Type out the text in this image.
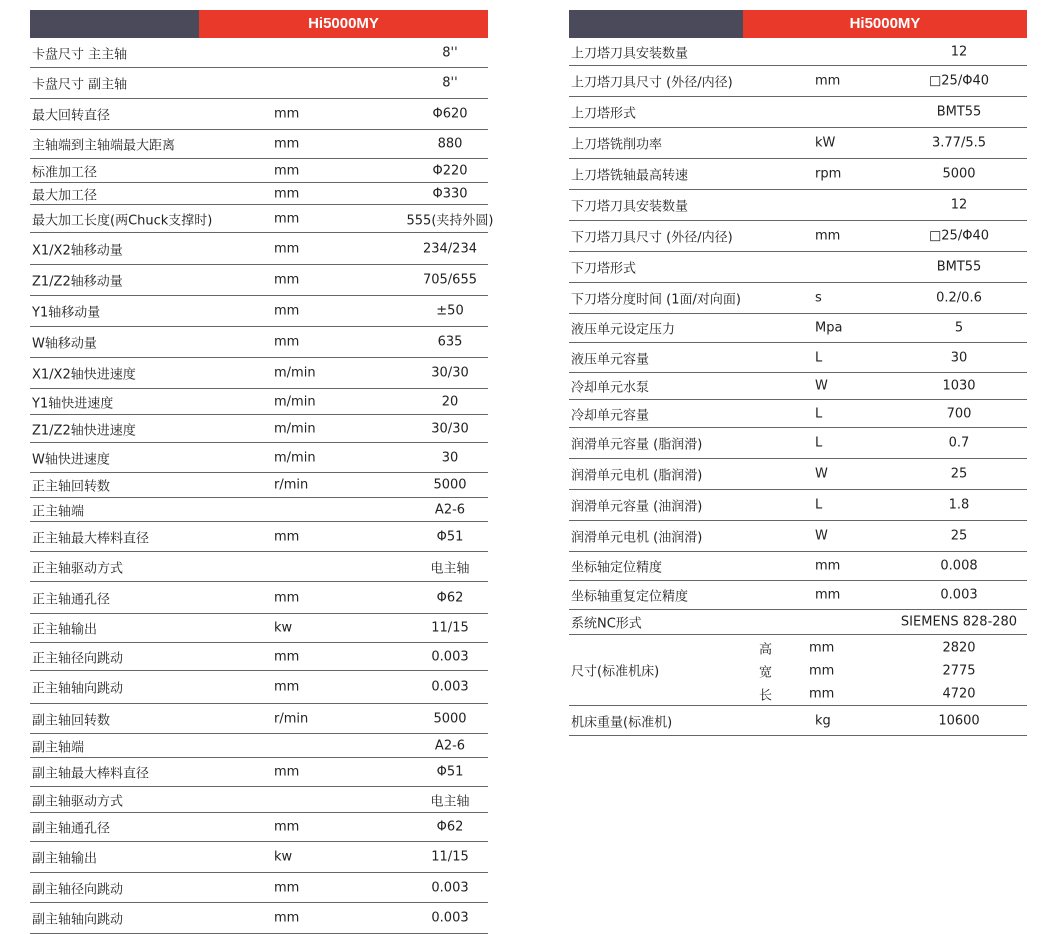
Hi5000MY
卡盘尺寸 主主轴	8''
卡盘尺寸 副主轴	8''
最大回转直径	mm	Φ620
主轴端到主轴端最大距离	mm	880
标准加工径	mm	Φ220
最大加工径	mm	Φ330
最大加工长度(两Chuck支撑时)	mm	555(夹持外圆)
X1/X2轴移动量	mm	234/234
Z1/Z2轴移动量	mm	705/655
Y1轴移动量	mm	±50
W轴移动量	mm	635
X1/X2轴快进速度	m/min	30/30
Y1轴快进速度	m/min	20
Z1/Z2轴快进速度	m/min	30/30
W轴快进速度	m/min	30
正主轴回转数	r/min	5000
正主轴端	A2-6
正主轴最大棒料直径	mm	Φ51
正主轴驱动方式	电主轴
正主轴通孔径	mm	Φ62
正主轴输出	kw	11/15
正主轴径向跳动	mm	0.003
正主轴轴向跳动	mm	0.003
副主轴回转数	r/min	5000
副主轴端	A2-6
副主轴最大棒料直径	mm	Φ51
副主轴驱动方式	电主轴
副主轴通孔径	mm	Φ62
副主轴输出	kw	11/15
副主轴径向跳动	mm	0.003
副主轴轴向跳动	mm	0.003
Hi5000MY
上刀塔刀具安装数量	12
上刀塔刀具尺寸 (外径/内径)	mm	□25/Φ40
上刀塔形式	BMT55
上刀塔铣削功率	kW	3.77/5.5
上刀塔铣轴最高转速	rpm	5000
下刀塔刀具安装数量	12
下刀塔刀具尺寸 (外径/内径)	mm	□25/Φ40
下刀塔形式	BMT55
下刀塔分度时间 (1面/对向面)	s	0.2/0.6
液压单元设定压力	Mpa	5
液压单元容量	L	30
冷却单元水泵	W	1030
冷却单元容量	L	700
润滑单元容量 (脂润滑)	L	0.7
润滑单元电机 (脂润滑)	W	25
润滑单元容量 (油润滑)	L	1.8
润滑单元电机 (油润滑)	W	25
坐标轴定位精度	mm	0.008
坐标轴重复定位精度	mm	0.003
系统NC形式	SIEMENS 828-280
尺寸(标准机床)
高	mm	2820
宽	mm	2775
长	mm	4720
机床重量(标准机)	kg	10600
